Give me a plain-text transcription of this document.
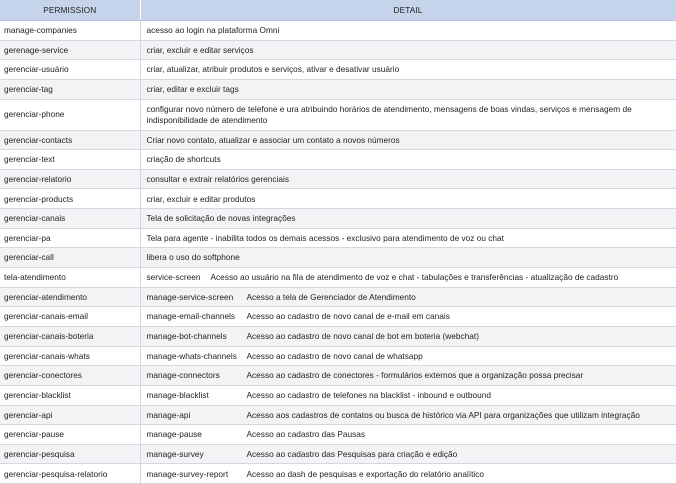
PERMISSION	DETAIL
manage-companies	acesso ao login na plataforma Omni
gerenage-service	criar, excluir e editar serviços
gerenciar-usuário	criar, atualizar, atribuir produtos e serviços, ativar e desativar usuário
gerenciar-tag	criar, editar e excluir tags
gerenciar-phone	configurar novo número de telefone e ura atribuindo horários de atendimento, mensagens de boas vindas, serviços e mensagem de indisponibilidade de atendimento
gerenciar-contacts	Criar novo contato, atualizar e associar um contato a novos números
gerenciar-text	criação de shortcuts
gerenciar-relatorio	consultar e extrair relatórios gerenciais
gerenciar-products	criar, excluir e editar produtos
gerenciar-canais	Tela de solicitação de novas integrações
gerenciar-pa	Tela para agente - inabilita todos os demais acessos - exclusivo para atendimento de voz ou chat
gerenciar-call	libera o uso do softphone
tela-atendimento	service-screen Acesso ao usuário na fila de atendimento de voz e chat - tabulações e transferências - atualização de cadastro
gerenciar-atendimento	manage-service-screen Acesso a tela de Gerenciador de Atendimento
gerenciar-canais-email	manage-email-channels Acesso ao cadastro de novo canal de e-mail em canais
gerenciar-canais-boteria	manage-bot-channels Acesso ao cadastro de novo canal de bot em boteria (webchat)
gerenciar-canais-whats	manage-whats-channels Acesso ao cadastro de novo canal de whatsapp
gerenciar-conectores	manage-connectors Acesso ao cadastro de conectores - formulários externos que a organização possa precisar
gerenciar-blacklist	manage-blacklist Acesso ao cadastro de telefones na blacklist - inbound e outbound
gerenciar-api	manage-api Acesso aos cadastros de contatos ou busca de histórico via API para organizações que utilizam integração
gerenciar-pause	manage-pause Acesso ao cadastro das Pausas
gerenciar-pesquisa	manage-survey Acesso ao cadastro das Pesquisas para criação e edição
gerenciar-pesquisa-relatorio	manage-survey-report Acesso ao dash de pesquisas e exportação do relatório analítico
